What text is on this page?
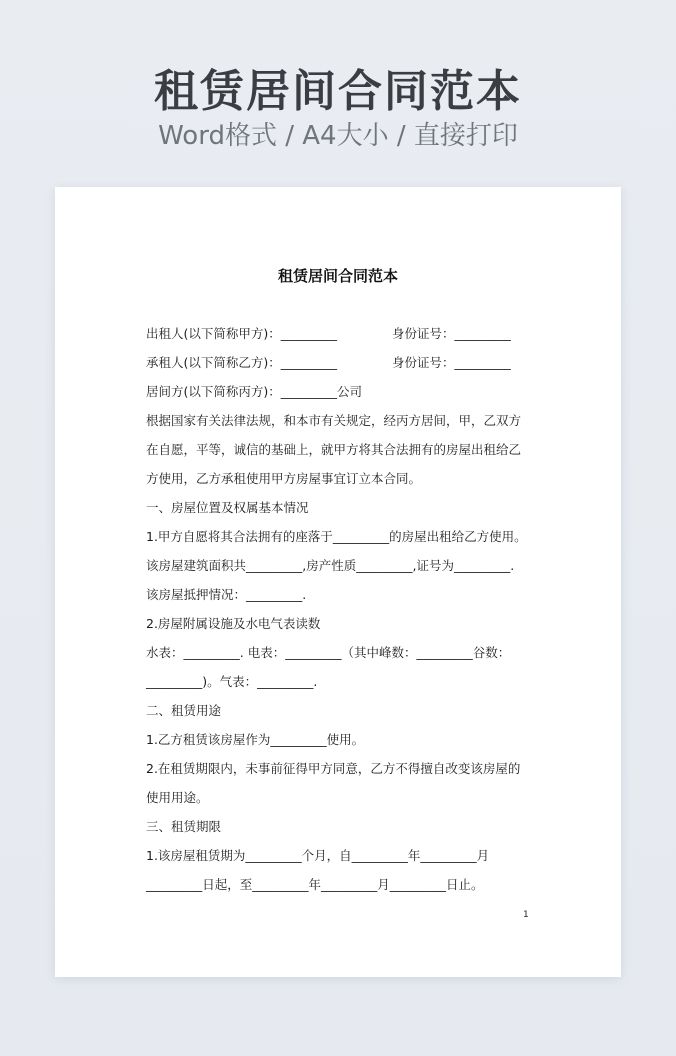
租赁居间合同范本
Word格式 / A4大小 / 直接打印
租赁居间合同范本
出租人(以下简称甲方)：_________	身份证号：_________
承租人(以下简称乙方)：_________	身份证号：_________
居间方(以下简称丙方)：_________公司
根据国家有关法律法规，和本市有关规定，经丙方居间，甲，乙双方
在自愿，平等，诚信的基础上，就甲方将其合法拥有的房屋出租给乙
方使用，乙方承租使用甲方房屋事宜订立本合同。
一、房屋位置及权属基本情况
1.甲方自愿将其合法拥有的座落于_________的房屋出租给乙方使用。
该房屋建筑面积共_________,房产性质_________,证号为_________.
该房屋抵押情况：_________.
2.房屋附属设施及水电气表读数
水表：_________. 电表：_________（其中峰数：_________谷数：
_________)。气表：_________.
二、租赁用途
1.乙方租赁该房屋作为_________使用。
2.在租赁期限内，未事前征得甲方同意，乙方不得擅自改变该房屋的
使用用途。
三、租赁期限
1.该房屋租赁期为_________个月，自_________年_________月
_________日起，至_________年_________月_________日止。
1
